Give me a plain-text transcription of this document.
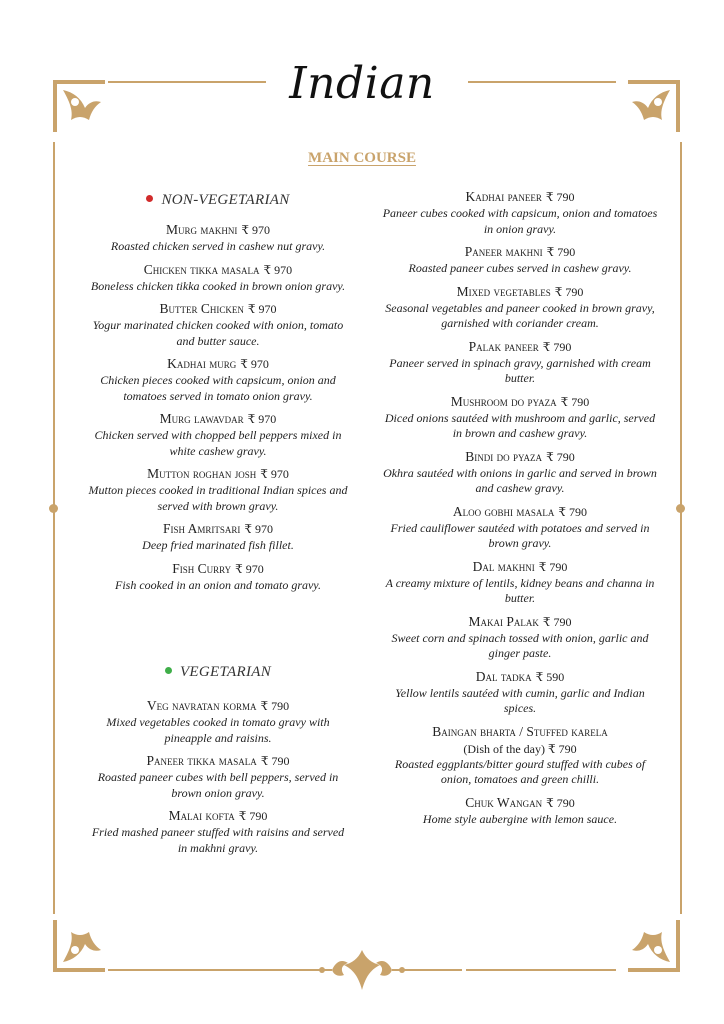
Indian
MAIN COURSE
NON-VEGETARIAN
Murg makhni ₹ 970
Roasted chicken served in cashew nut gravy.
Chicken tikka masala ₹ 970
Boneless chicken tikka cooked in brown onion gravy.
Butter Chicken ₹ 970
Yogur marinated chicken cooked with onion, tomato and butter sauce.
Kadhai murg ₹ 970
Chicken pieces cooked with capsicum, onion and tomatoes served in tomato onion gravy.
Murg lawavdar ₹ 970
Chicken served with chopped bell peppers mixed in white cashew gravy.
Mutton roghan josh ₹ 970
Mutton pieces cooked in traditional Indian spices and served with brown gravy.
Fish Amritsari ₹ 970
Deep fried marinated fish fillet.
Fish Curry ₹ 970
Fish cooked in an onion and tomato gravy.
VEGETARIAN
Veg navratan korma ₹ 790
Mixed vegetables cooked in tomato gravy with pineapple and raisins.
Paneer tikka masala ₹ 790
Roasted paneer cubes with bell peppers, served in brown onion gravy.
Malai kofta ₹ 790
Fried mashed paneer stuffed with raisins and served in makhni gravy.
Kadhai paneer ₹ 790
Paneer cubes cooked with capsicum, onion and tomatoes in onion gravy.
Paneer makhni ₹ 790
Roasted paneer cubes served in cashew gravy.
Mixed vegetables ₹ 790
Seasonal vegetables and paneer cooked in brown gravy, garnished with coriander cream.
Palak paneer ₹ 790
Paneer served in spinach gravy, garnished with cream butter.
Mushroom do pyaza ₹ 790
Diced onions sautéed with mushroom and garlic, served in brown and cashew gravy.
Bindi do pyaza ₹ 790
Okhra sautéed with onions in garlic and served in brown and cashew gravy.
Aloo gobhi masala ₹ 790
Fried cauliflower sautéed with potatoes and served in brown gravy.
Dal makhni ₹ 790
A creamy mixture of lentils, kidney beans and channa in butter.
Makai Palak ₹ 790
Sweet corn and spinach tossed with onion, garlic and ginger paste.
Dal tadka ₹ 590
Yellow lentils sautéed with cumin, garlic and Indian spices.
Baingan bharta / Stuffed karela
(Dish of the day) ₹ 790
Roasted eggplants/bitter gourd stuffed with cubes of onion, tomatoes and green chilli.
Chuk Wangan ₹ 790
Home style aubergine with lemon sauce.
